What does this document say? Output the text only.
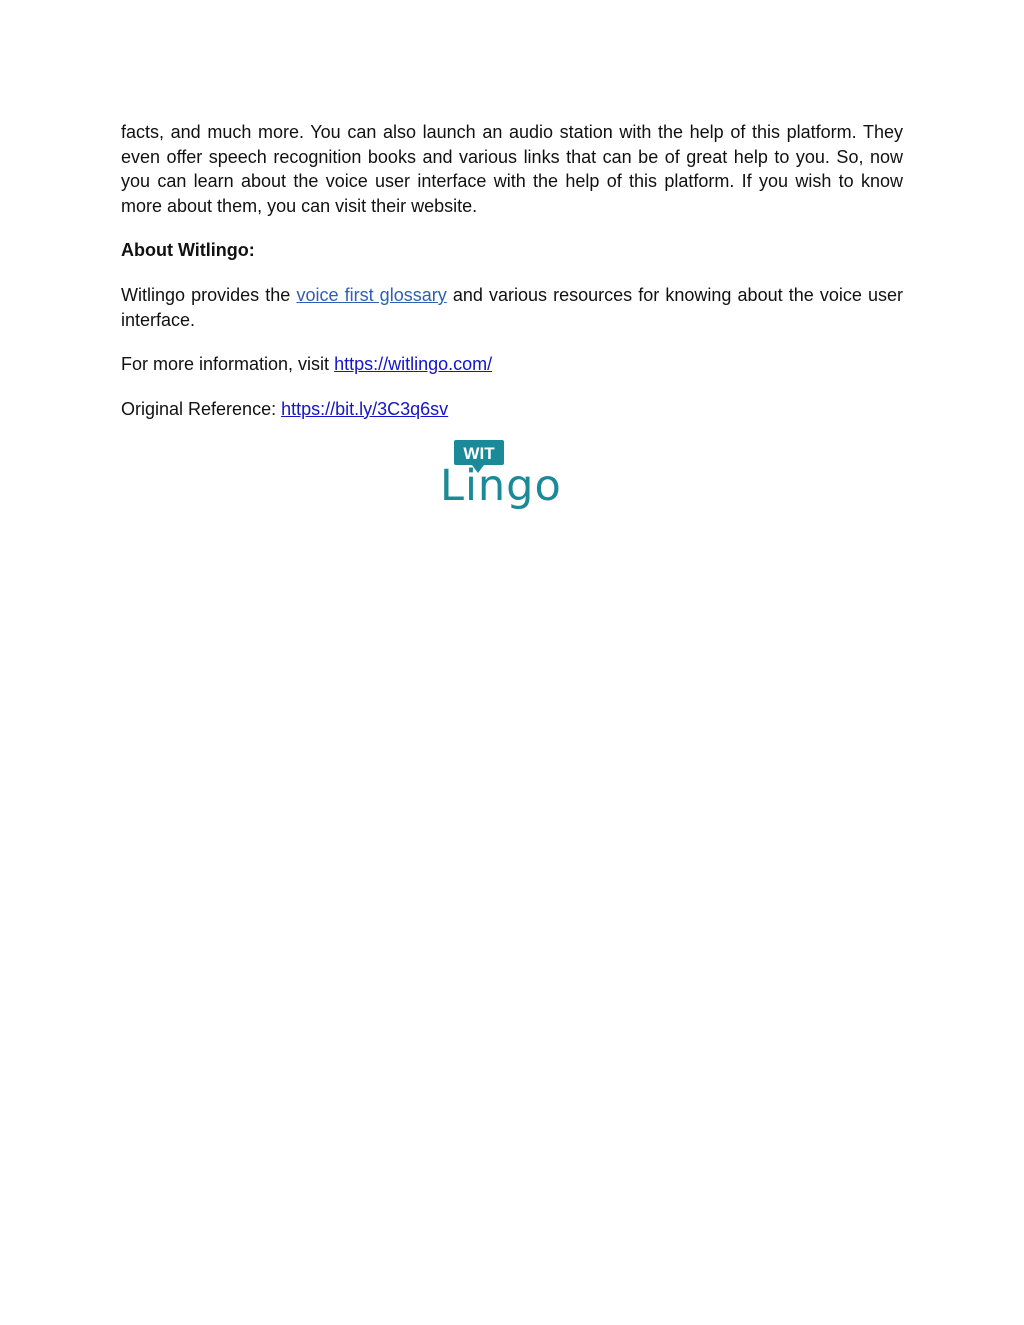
facts, and much more. You can also launch an audio station with the help of this platform. They even offer speech recognition books and various links that can be of great help to you. So, now you can learn about the voice user interface with the help of this platform. If you wish to know more about them, you can visit their website.

About Witlingo:

Witlingo provides the voice first glossary and various resources for knowing about the voice user interface.

For more information, visit https://witlingo.com/

Original Reference: https://bit.ly/3C3q6sv

WIT
Lingo
